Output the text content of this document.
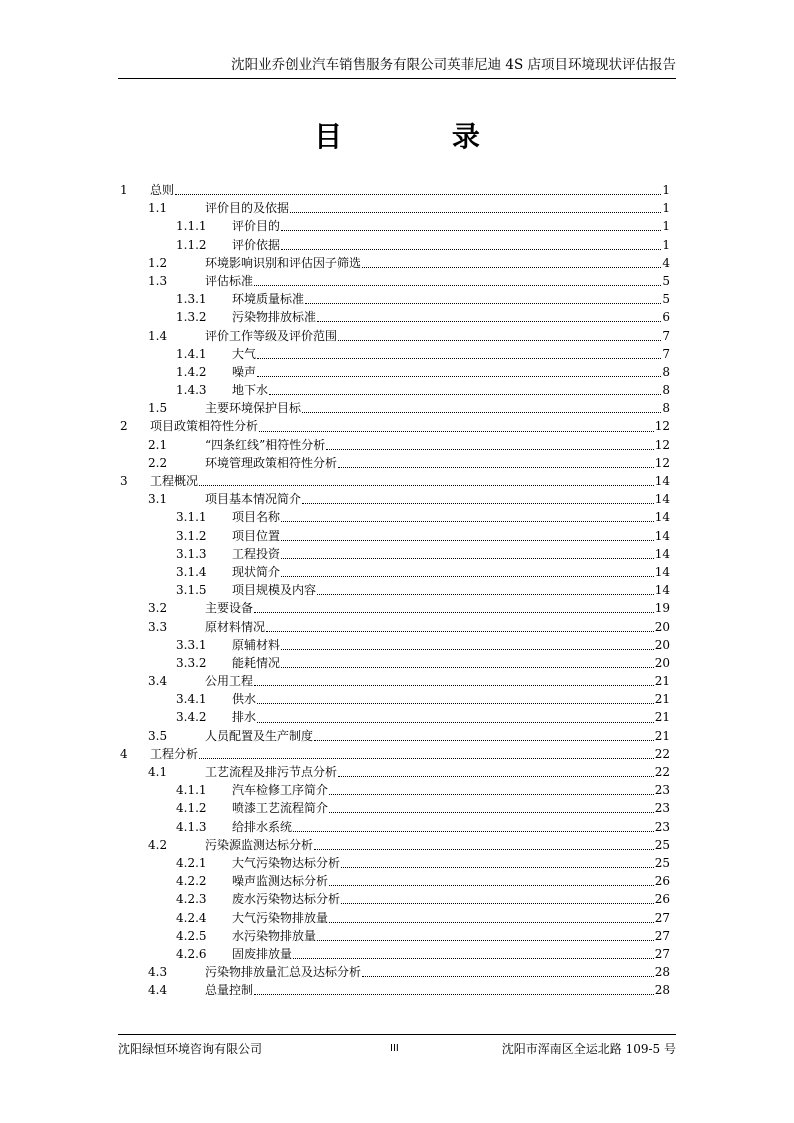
沈阳业乔创业汽车销售服务有限公司英菲尼迪 4S 店项目环境现状评估报告
目 录
1	总则	1
1.1	评价目的及依据	1
1.1.1	评价目的	1
1.1.2	评价依据	1
1.2	环境影响识别和评估因子筛选	4
1.3	评估标准	5
1.3.1	环境质量标准	5
1.3.2	污染物排放标准	6
1.4	评价工作等级及评价范围	7
1.4.1	大气	7
1.4.2	噪声	8
1.4.3	地下水	8
1.5	主要环境保护目标	8
2	项目政策相符性分析	12
2.1	“四条红线”相符性分析	12
2.2	环境管理政策相符性分析	12
3	工程概况	14
3.1	项目基本情况简介	14
3.1.1	项目名称	14
3.1.2	项目位置	14
3.1.3	工程投资	14
3.1.4	现状简介	14
3.1.5	项目规模及内容	14
3.2	主要设备	19
3.3	原材料情况	20
3.3.1	原辅材料	20
3.3.2	能耗情况	20
3.4	公用工程	21
3.4.1	供水	21
3.4.2	排水	21
3.5	人员配置及生产制度	21
4	工程分析	22
4.1	工艺流程及排污节点分析	22
4.1.1	汽车检修工序简介	23
4.1.2	喷漆工艺流程简介	23
4.1.3	给排水系统	23
4.2	污染源监测达标分析	25
4.2.1	大气污染物达标分析	25
4.2.2	噪声监测达标分析	26
4.2.3	废水污染物达标分析	26
4.2.4	大气污染物排放量	27
4.2.5	水污染物排放量	27
4.2.6	固废排放量	27
4.3	污染物排放量汇总及达标分析	28
4.4	总量控制	28
沈阳绿恒环境咨询有限公司	III	沈阳市浑南区全运北路 109-5 号
